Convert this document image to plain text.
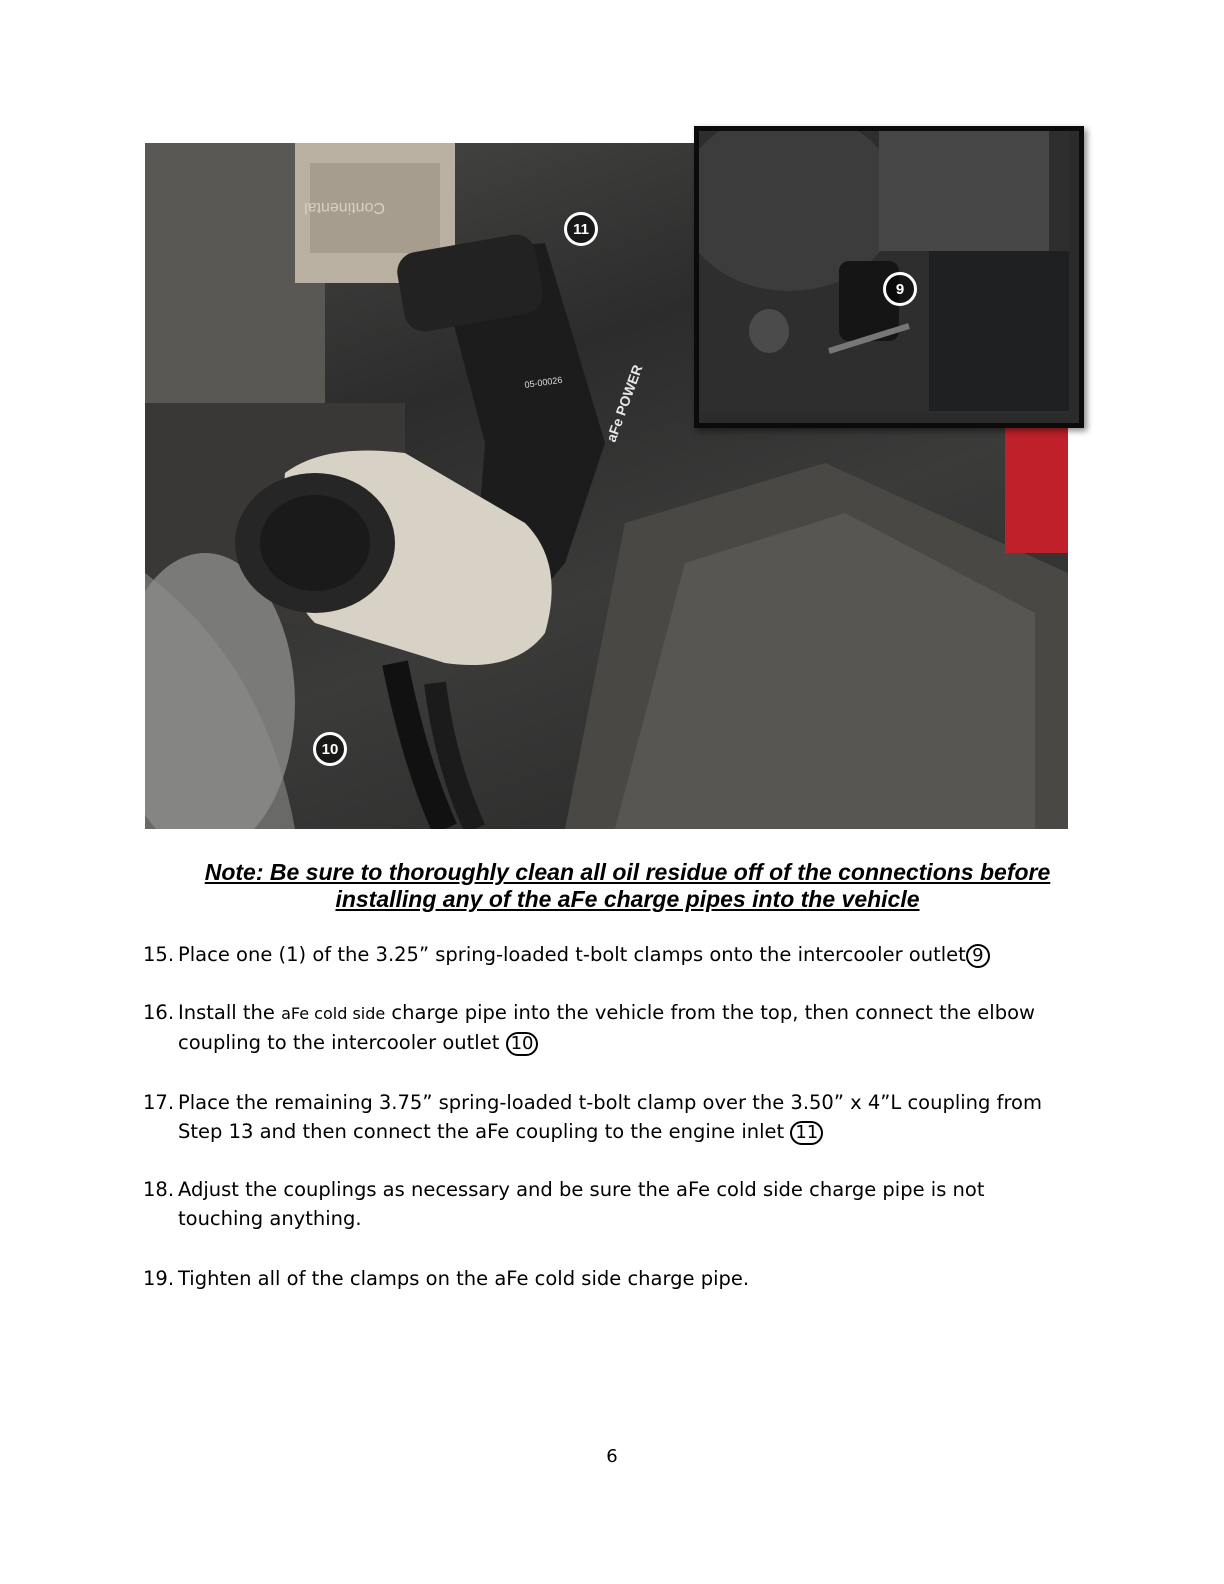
Continental
05-00026	aFe POWER
11
10
9
Note: Be sure to thoroughly clean all oil residue off of the connections before
installing any of the aFe charge pipes into the vehicle
15. Place one (1) of the 3.25” spring-loaded t-bolt clamps onto the intercooler outlet 9
16. Install the aFe cold side charge pipe into the vehicle from the top, then connect the elbow coupling to the intercooler outlet 10
17. Place the remaining 3.75” spring-loaded t-bolt clamp over the 3.50” x 4”L coupling from Step 13 and then connect the aFe coupling to the engine inlet 11
18. Adjust the couplings as necessary and be sure the aFe cold side charge pipe is not touching anything.
19. Tighten all of the clamps on the aFe cold side charge pipe.
6
